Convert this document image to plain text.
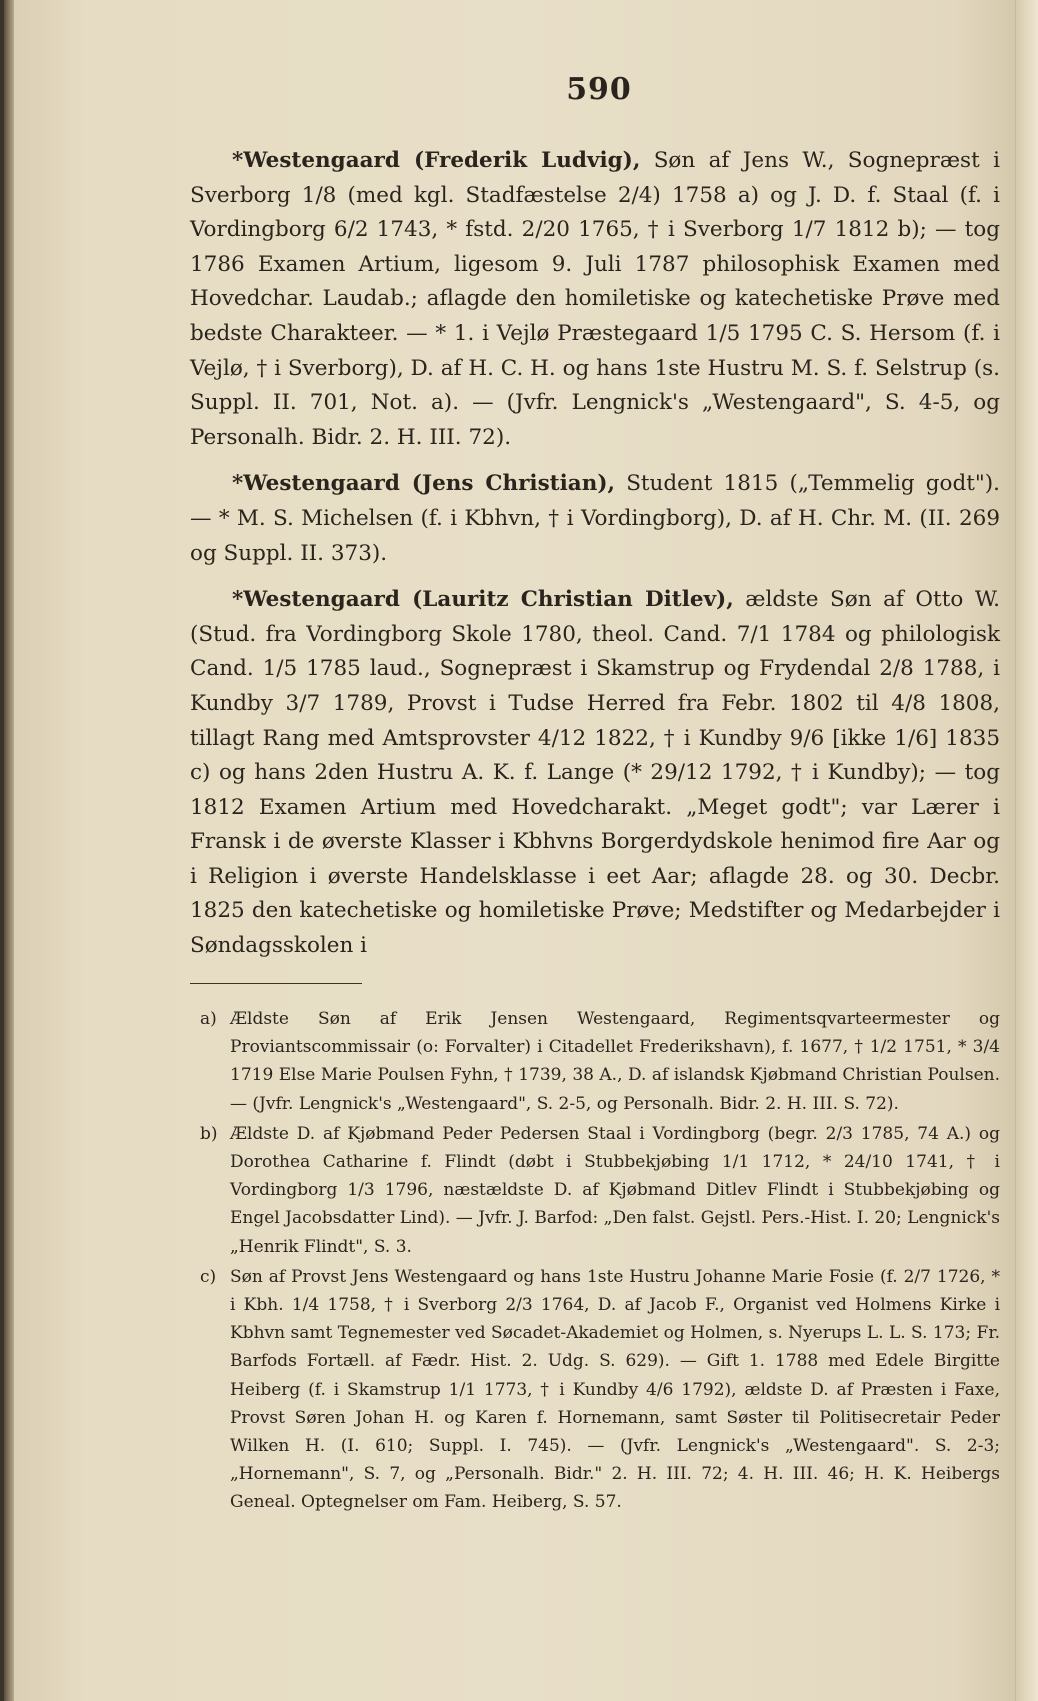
590

*Westengaard (Frederik Ludvig), Søn af Jens W., Sognepræst i Sverborg 1/8 (med kgl. Stadfæstelse 2/4) 1758 a) og J. D. f. Staal (f. i Vordingborg 6/2 1743, * fstd. 2/20 1765, † i Sverborg 1/7 1812 b); — tog 1786 Examen Artium, ligesom 9. Juli 1787 philosophisk Examen med Hovedchar. Laudab.; aflagde den homiletiske og katechetiske Prøve med bedste Charakteer. — * 1. i Vejlø Præstegaard 1/5 1795 C. S. Hersom (f. i Vejlø, † i Sverborg), D. af H. C. H. og hans 1ste Hustru M. S. f. Selstrup (s. Suppl. II. 701, Not. a). — (Jvfr. Lengnick's „Westengaard", S. 4-5, og Personalh. Bidr. 2. H. III. 72).

*Westengaard (Jens Christian), Student 1815 („Temmelig godt"). — * M. S. Michelsen (f. i Kbhvn, † i Vordingborg), D. af H. Chr. M. (II. 269 og Suppl. II. 373).

*Westengaard (Lauritz Christian Ditlev), ældste Søn af Otto W. (Stud. fra Vordingborg Skole 1780, theol. Cand. 7/1 1784 og philologisk Cand. 1/5 1785 laud., Sognepræst i Skamstrup og Frydendal 2/8 1788, i Kundby 3/7 1789, Provst i Tudse Herred fra Febr. 1802 til 4/8 1808, tillagt Rang med Amtsprovster 4/12 1822, † i Kundby 9/6 [ikke 1/6] 1835 c) og hans 2den Hustru A. K. f. Lange (* 29/12 1792, † i Kundby); — tog 1812 Examen Artium med Hovedcharakt. „Meget godt"; var Lærer i Fransk i de øverste Klasser i Kbhvns Borgerdydskole henimod fire Aar og i Religion i øverste Handelsklasse i eet Aar; aflagde 28. og 30. Decbr. 1825 den katechetiske og homiletiske Prøve; Medstifter og Medarbejder i Søndagsskolen i

a) Ældste Søn af Erik Jensen Westengaard, Regimentsqvarteermester og Proviantscommissair (o: Forvalter) i Citadellet Frederikshavn), f. 1677, † 1/2 1751, * 3/4 1719 Else Marie Poulsen Fyhn, † 1739, 38 A., D. af islandsk Kjøbmand Christian Poulsen. — (Jvfr. Lengnick's „Westengaard", S. 2-5, og Personalh. Bidr. 2. H. III. S. 72).
b) Ældste D. af Kjøbmand Peder Pedersen Staal i Vordingborg (begr. 2/3 1785, 74 A.) og Dorothea Catharine f. Flindt (døbt i Stubbekjøbing 1/1 1712, * 24/10 1741, † i Vordingborg 1/3 1796, næstældste D. af Kjøbmand Ditlev Flindt i Stubbekjøbing og Engel Jacobsdatter Lind). — Jvfr. J. Barfod: „Den falst. Gejstl. Pers.-Hist. I. 20; Lengnick's „Henrik Flindt", S. 3.
c) Søn af Provst Jens Westengaard og hans 1ste Hustru Johanne Marie Fosie (f. 2/7 1726, * i Kbh. 1/4 1758, † i Sverborg 2/3 1764, D. af Jacob F., Organist ved Holmens Kirke i Kbhvn samt Tegnemester ved Søcadet-Akademiet og Holmen, s. Nyerups L. L. S. 173; Fr. Barfods Fortæll. af Fædr. Hist. 2. Udg. S. 629). — Gift 1. 1788 med Edele Birgitte Heiberg (f. i Skamstrup 1/1 1773, † i Kundby 4/6 1792), ældste D. af Præsten i Faxe, Provst Søren Johan H. og Karen f. Hornemann, samt Søster til Politisecretair Peder Wilken H. (I. 610; Suppl. I. 745). — (Jvfr. Lengnick's „Westengaard". S. 2-3; „Hornemann", S. 7, og „Personalh. Bidr." 2. H. III. 72; 4. H. III. 46; H. K. Heibergs Geneal. Optegnelser om Fam. Heiberg, S. 57.
